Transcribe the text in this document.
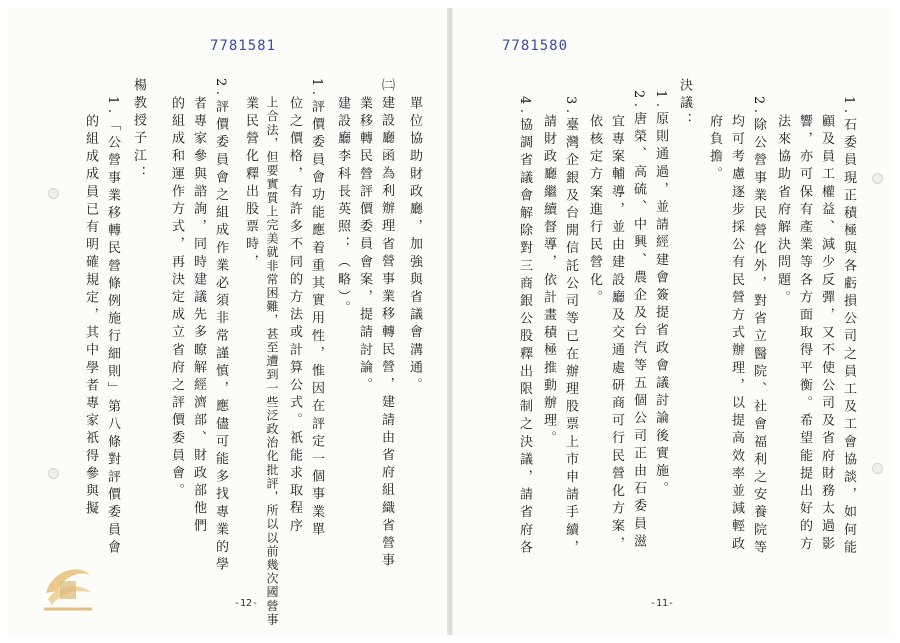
7781580
1.石委員現正積極與各虧損公司之員工及工會協談，如何能
顧及員工權益、減少反彈，又不使公司及省府財務太過影
響，亦可保有產業等各方面取得平衡。希望能提出好的方
法來協助省府解決問題。
2.除公營事業民營化外，對省立醫院、社會福利之安養院等
均可考慮逐步採公有民營方式辦理，以提高效率並減輕政
府負擔。
決議：
1.原則通過，並請經建會簽提省政會議討論後實施。
2.唐榮、高硫、中興、農企及台汽等五個公司正由石委員滋
宜專案輔導，並由建設廳及交通處研商可行民營化方案，
依核定方案進行民營化。
3.臺灣企銀及台開信託公司等已在辦理股票上市申請手續，
請財政廳繼續督導，依計畫積極推動辦理。
4.協調省議會解除對三商銀公股釋出限制之決議，請省府各
-11-
7781581
單位協助財政廳，加強與省議會溝通。
㈡建設廳函為利辦理省營事業移轉民營，建請由省府組織省營事
業移轉民營評價委員會案，提請討論。
建設廳李科長英照：（略）。
1.評價委員會功能應着重其實用性，惟因在評定一個事業單
位之價格，有許多不同的方法或計算公式。祇能求取程序
上合法，但要實質上完美就非常困難，甚至遭到一些泛政治化批評，所以以前幾次國營事
業民營化釋出股票時，
2.評價委員會之組成作業必須非常謹慎，應儘可能多找專業的學
者專家參與諮詢，同時建議先多瞭解經濟部、財政部他們
的組成和運作方式，再決定成立省府之評價委員會。
楊教授子江：
1.「公營事業移轉民營條例施行細則」第八條對評價委員會
的組成成員已有明確規定，其中學者專家祇得參與擬
-12-
